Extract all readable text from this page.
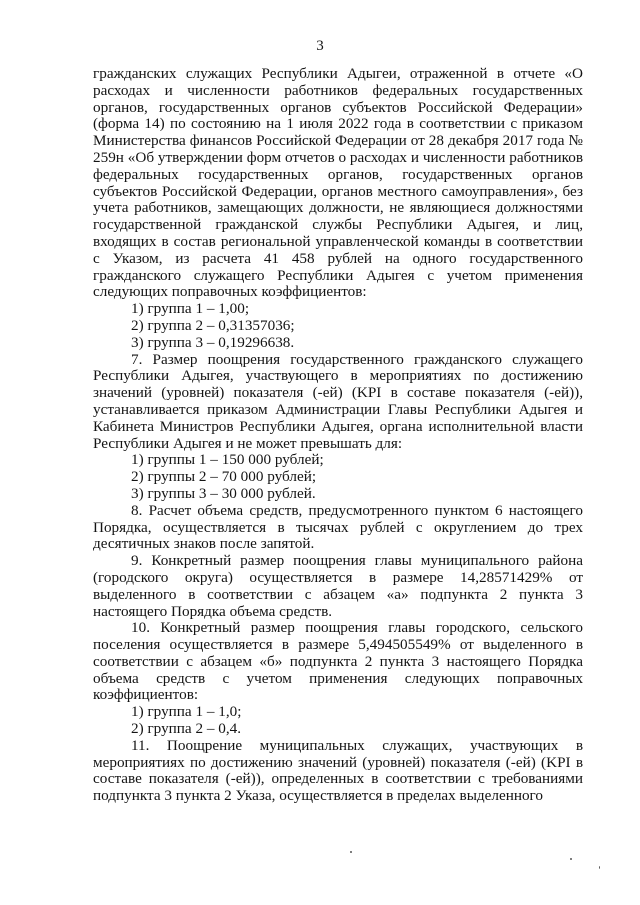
3

гражданских служащих Республики Адыгеи, отраженной в отчете «О расходах и численности работников федеральных государственных органов, государственных органов субъектов Российской Федерации» (форма 14) по состоянию на 1 июля 2022 года в соответствии с приказом Министерства финансов Российской Федерации от 28 декабря 2017 года № 259н «Об утверждении форм отчетов о расходах и численности работников федеральных государственных органов, государственных органов субъектов Российской Федерации, органов местного самоуправления», без учета работников, замещающих должности, не являющиеся должностями государственной гражданской службы Республики Адыгея, и лиц, входящих в состав региональной управленческой команды в соответствии с Указом, из расчета 41 458 рублей на одного государственного гражданского служащего Республики Адыгея с учетом применения следующих поправочных коэффициентов:

1) группа 1 – 1,00;

2) группа 2 – 0,31357036;

3) группа 3 – 0,19296638.

7. Размер поощрения государственного гражданского служащего Республики Адыгея, участвующего в мероприятиях по достижению значений (уровней) показателя (-ей) (KPI в составе показателя (-ей)), устанавливается приказом Администрации Главы Республики Адыгея и Кабинета Министров Республики Адыгея, органа исполнительной власти Республики Адыгея и не может превышать для:

1) группы 1 – 150 000 рублей;

2) группы 2 – 70 000 рублей;

3) группы 3 – 30 000 рублей.

8. Расчет объема средств, предусмотренного пунктом 6 настоящего Порядка, осуществляется в тысячах рублей с округлением до трех десятичных знаков после запятой.

9. Конкретный размер поощрения главы муниципального района (городского округа) осуществляется в размере 14,28571429% от выделенного в соответствии с абзацем «а» подпункта 2 пункта 3 настоящего Порядка объема средств.

10. Конкретный размер поощрения главы городского, сельского поселения осуществляется в размере 5,494505549% от выделенного в соответствии с абзацем «б» подпункта 2 пункта 3 настоящего Порядка объема средств с учетом применения следующих поправочных коэффициентов:

1) группа 1 – 1,0;

2) группа 2 – 0,4.

11. Поощрение муниципальных служащих, участвующих в мероприятиях по достижению значений (уровней) показателя (-ей) (KPI в составе показателя (-ей)), определенных в соответствии с требованиями подпункта 3 пункта 2 Указа, осуществляется в пределах выделенного
